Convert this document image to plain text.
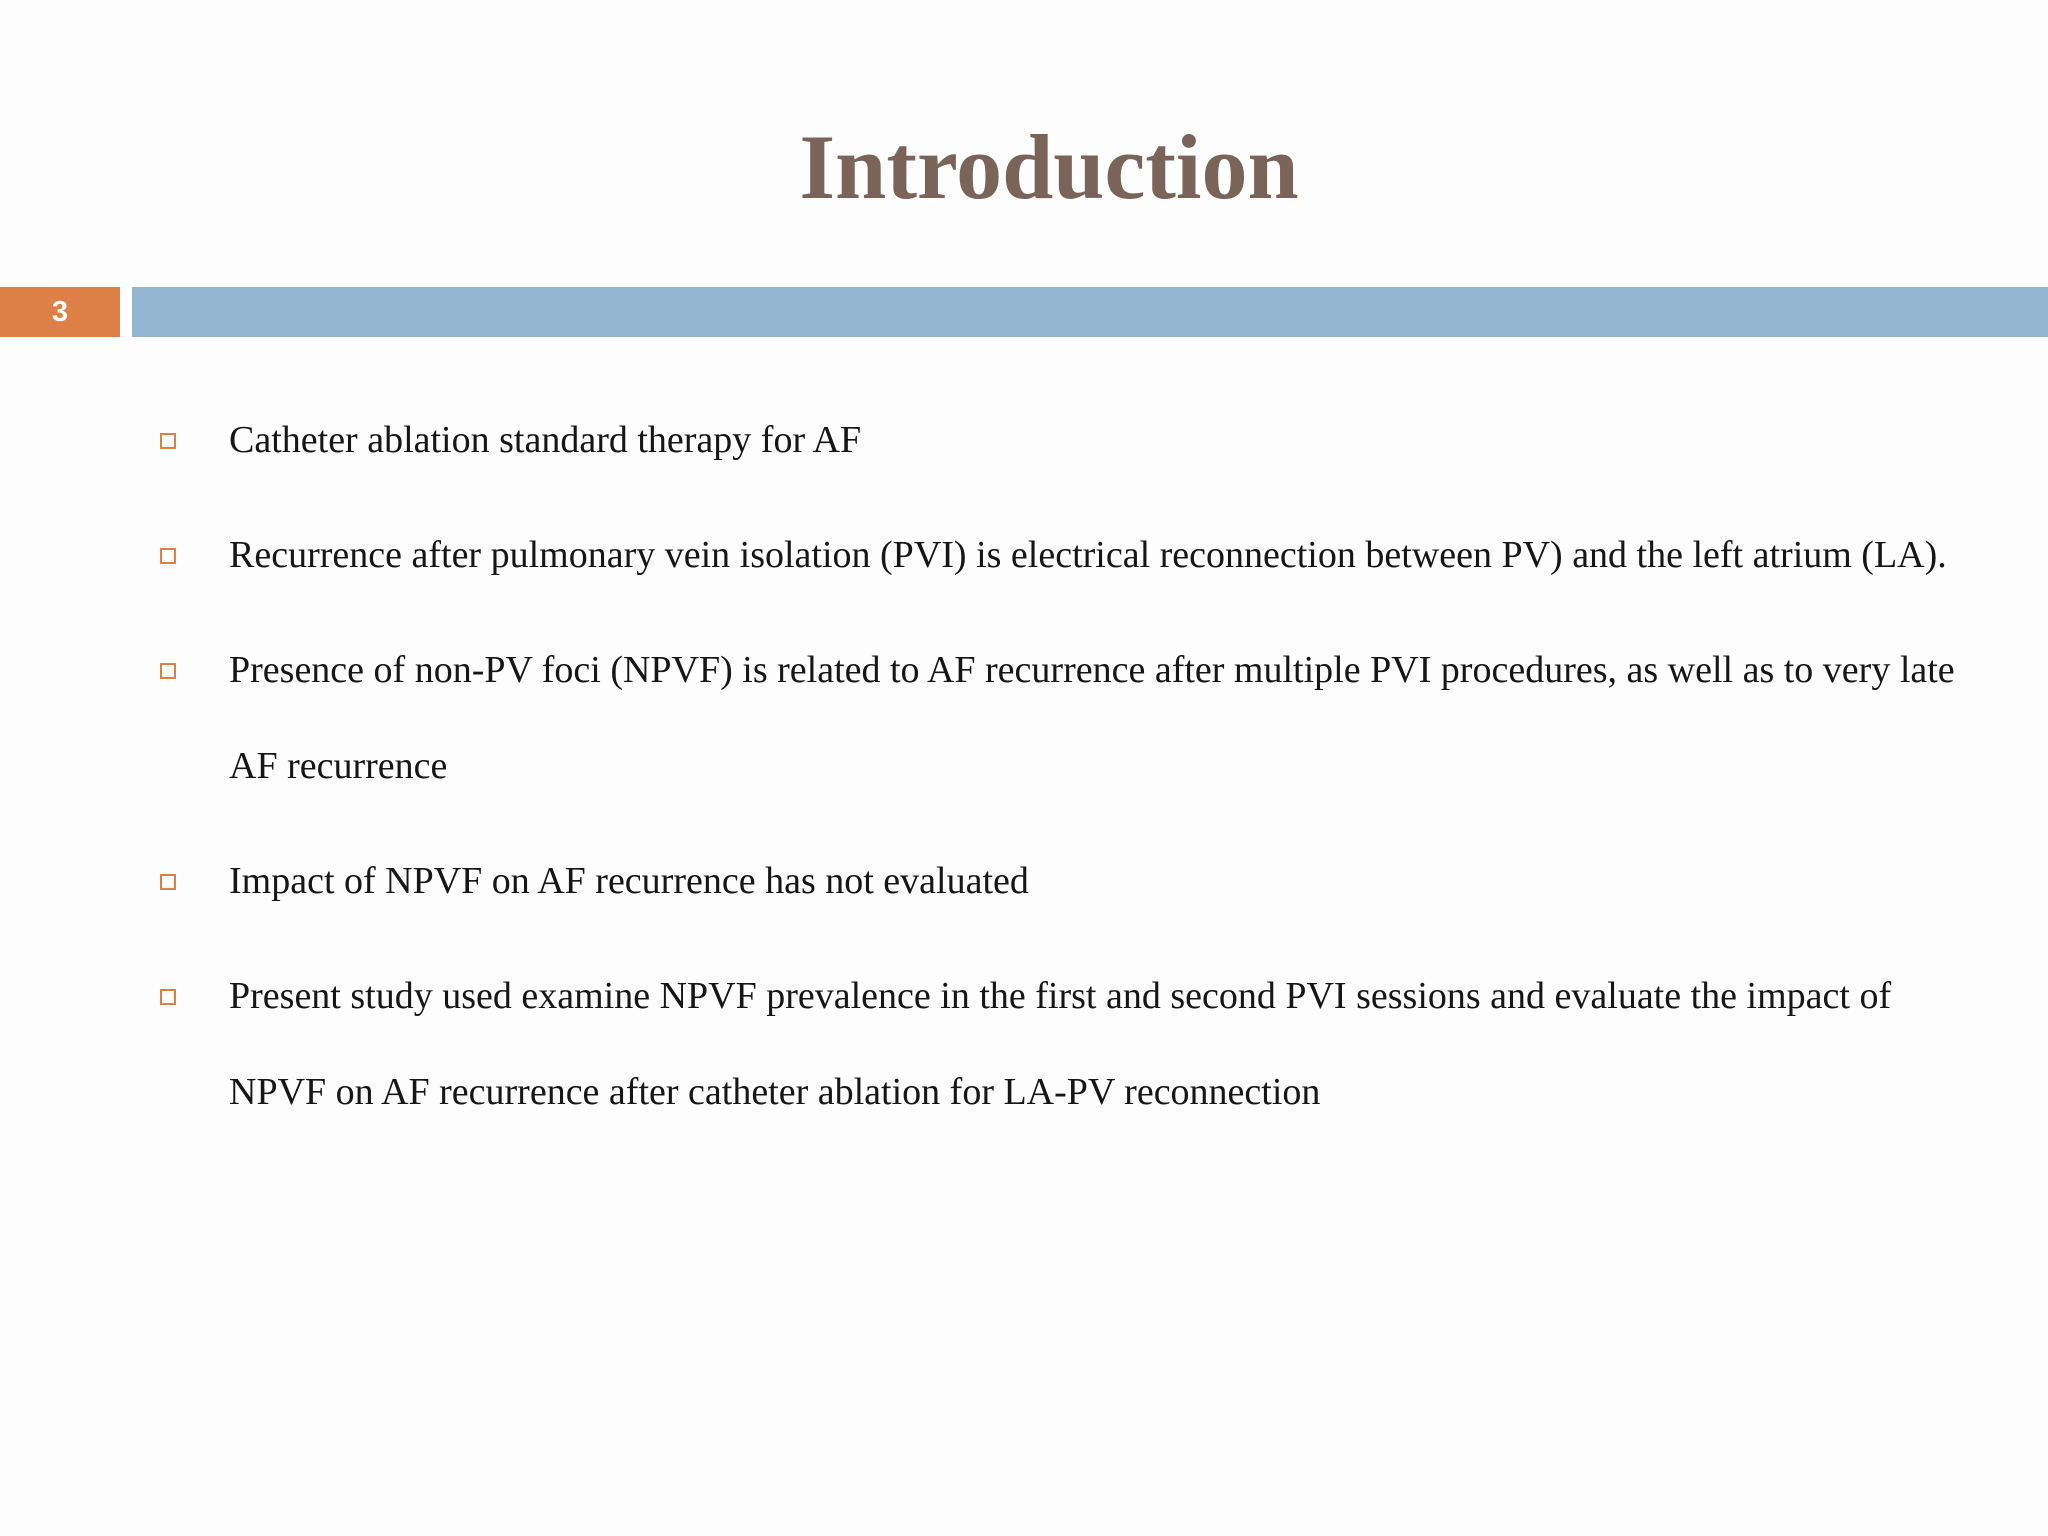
Introduction
3
Catheter ablation standard therapy for AF
Recurrence after pulmonary vein isolation (PVI) is electrical reconnection between PV) and the left atrium (LA).
Presence of non-PV foci (NPVF) is related to AF recurrence after multiple PVI procedures, as well as to very late AF recurrence
Impact of NPVF on AF recurrence has not evaluated
Present study used examine NPVF prevalence in the first and second PVI sessions and evaluate the impact of NPVF on AF recurrence after catheter ablation for LA-PV reconnection
